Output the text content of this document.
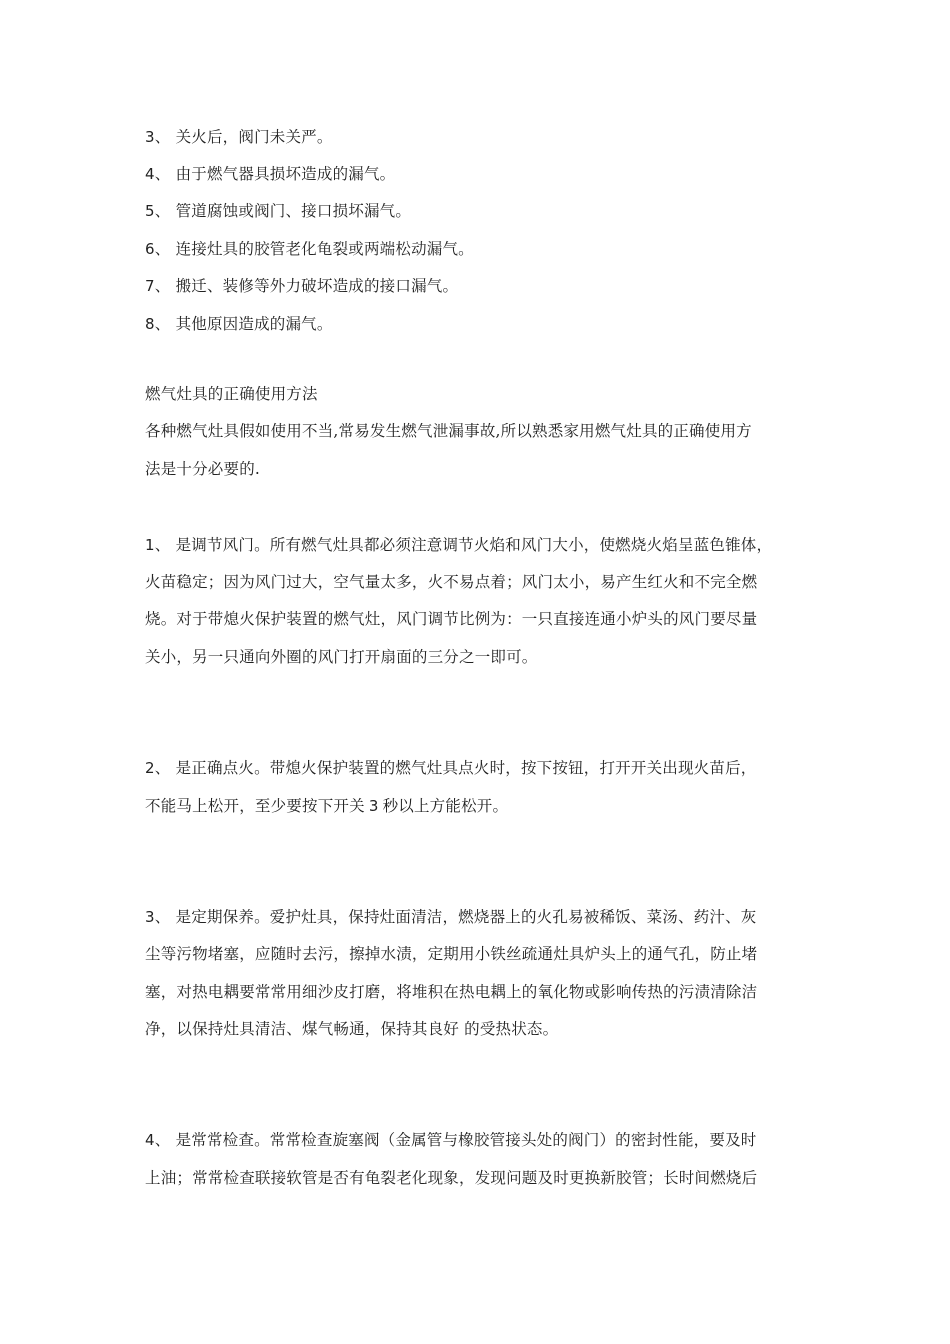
3、 关火后，阀门未关严。
4、 由于燃气器具损坏造成的漏气。
5、 管道腐蚀或阀门、接口损坏漏气。
6、 连接灶具的胶管老化龟裂或两端松动漏气。
7、 搬迁、装修等外力破坏造成的接口漏气。
8、 其他原因造成的漏气。
燃气灶具的正确使用方法
各种燃气灶具假如使用不当,常易发生燃气泄漏事故,所以熟悉家用燃气灶具的正确使用方
法是十分必要的.
1、 是调节风门。所有燃气灶具都必须注意调节火焰和风门大小，使燃烧火焰呈蓝色锥体，
火苗稳定；因为风门过大，空气量太多，火不易点着；风门太小，易产生红火和不完全燃
烧。对于带熄火保护装置的燃气灶，风门调节比例为：一只直接连通小炉头的风门要尽量
关小，另一只通向外圈的风门打开扇面的三分之一即可。
2、 是正确点火。带熄火保护装置的燃气灶具点火时，按下按钮，打开开关出现火苗后，
不能马上松开，至少要按下开关 3 秒以上方能松开。
3、 是定期保养。爱护灶具，保持灶面清洁，燃烧器上的火孔易被稀饭、菜汤、药汁、灰
尘等污物堵塞，应随时去污，擦掉水渍，定期用小铁丝疏通灶具炉头上的通气孔，防止堵
塞，对热电耦要常常用细沙皮打磨，将堆积在热电耦上的氧化物或影响传热的污渍清除洁
净，以保持灶具清洁、煤气畅通，保持其良好 的受热状态。
4、 是常常检查。常常检查旋塞阀（金属管与橡胶管接头处的阀门）的密封性能，要及时
上油；常常检查联接软管是否有龟裂老化现象，发现问题及时更换新胶管；长时间燃烧后
